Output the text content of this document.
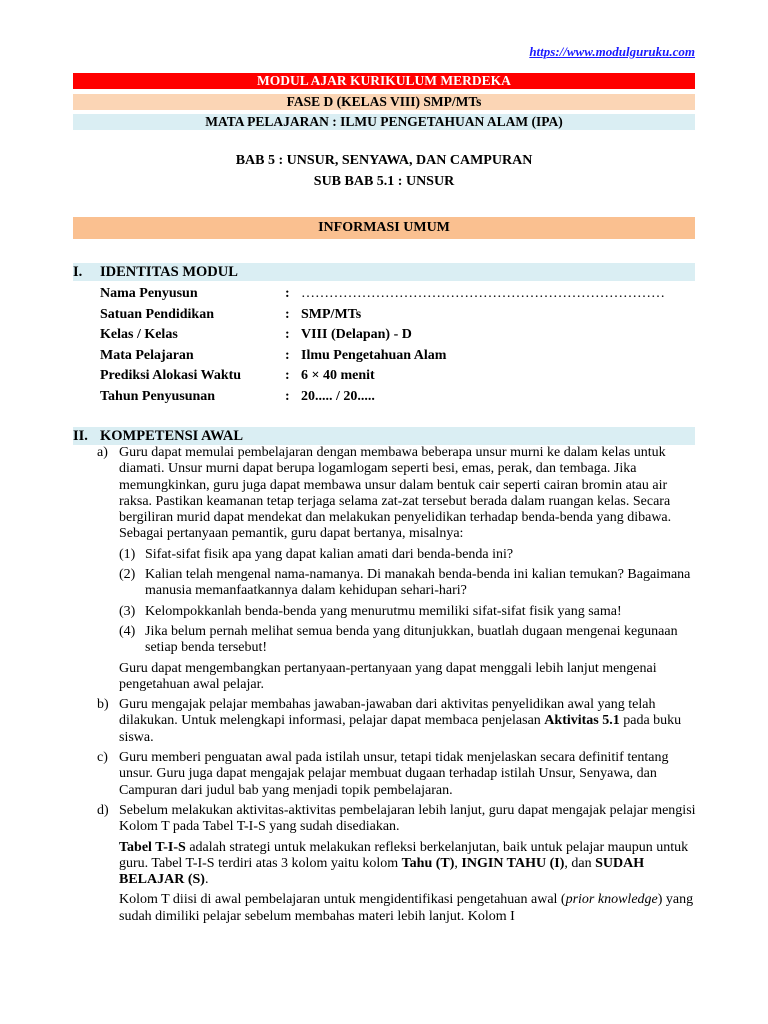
https://www.modulguruku.com
MODUL AJAR KURIKULUM MERDEKA
FASE D (KELAS VIII) SMP/MTs
MATA PELAJARAN : ILMU PENGETAHUAN ALAM (IPA)
BAB 5 : UNSUR, SENYAWA, DAN CAMPURAN
SUB BAB 5.1 : UNSUR
INFORMASI UMUM
I. IDENTITAS MODUL
Nama Penyusun	: ……………………………………………………………………
Satuan Pendidikan	: SMP/MTs
Kelas / Kelas	: VIII (Delapan) - D
Mata Pelajaran	: Ilmu Pengetahuan Alam
Prediksi Alokasi Waktu	: 6 × 40 menit
Tahun Penyusunan	: 20..... / 20.....
II. KOMPETENSI AWAL
a) Guru dapat memulai pembelajaran dengan membawa beberapa unsur murni ke dalam kelas untuk diamati. Unsur murni dapat berupa logamlogam seperti besi, emas, perak, dan tembaga. Jika memungkinkan, guru juga dapat membawa unsur dalam bentuk cair seperti cairan bromin atau air raksa. Pastikan keamanan tetap terjaga selama zat-zat tersebut berada dalam ruangan kelas. Secara bergiliran murid dapat mendekat dan melakukan penyelidikan terhadap benda-benda yang dibawa. Sebagai pertanyaan pemantik, guru dapat bertanya, misalnya:
(1) Sifat-sifat fisik apa yang dapat kalian amati dari benda-benda ini?
(2) Kalian telah mengenal nama-namanya. Di manakah benda-benda ini kalian temukan? Bagaimana manusia memanfaatkannya dalam kehidupan sehari-hari?
(3) Kelompokkanlah benda-benda yang menurutmu memiliki sifat-sifat fisik yang sama!
(4) Jika belum pernah melihat semua benda yang ditunjukkan, buatlah dugaan mengenai kegunaan setiap benda tersebut!
Guru dapat mengembangkan pertanyaan-pertanyaan yang dapat menggali lebih lanjut mengenai pengetahuan awal pelajar.
b) Guru mengajak pelajar membahas jawaban-jawaban dari aktivitas penyelidikan awal yang telah dilakukan. Untuk melengkapi informasi, pelajar dapat membaca penjelasan Aktivitas 5.1 pada buku siswa.
c) Guru memberi penguatan awal pada istilah unsur, tetapi tidak menjelaskan secara definitif tentang unsur. Guru juga dapat mengajak pelajar membuat dugaan terhadap istilah Unsur, Senyawa, dan Campuran dari judul bab yang menjadi topik pembelajaran.
d) Sebelum melakukan aktivitas-aktivitas pembelajaran lebih lanjut, guru dapat mengajak pelajar mengisi Kolom T pada Tabel T-I-S yang sudah disediakan.
Tabel T-I-S adalah strategi untuk melakukan refleksi berkelanjutan, baik untuk pelajar maupun untuk guru. Tabel T-I-S terdiri atas 3 kolom yaitu kolom Tahu (T), INGIN TAHU (I), dan SUDAH BELAJAR (S).
Kolom T diisi di awal pembelajaran untuk mengidentifikasi pengetahuan awal (prior knowledge) yang sudah dimiliki pelajar sebelum membahas materi lebih lanjut. Kolom I
